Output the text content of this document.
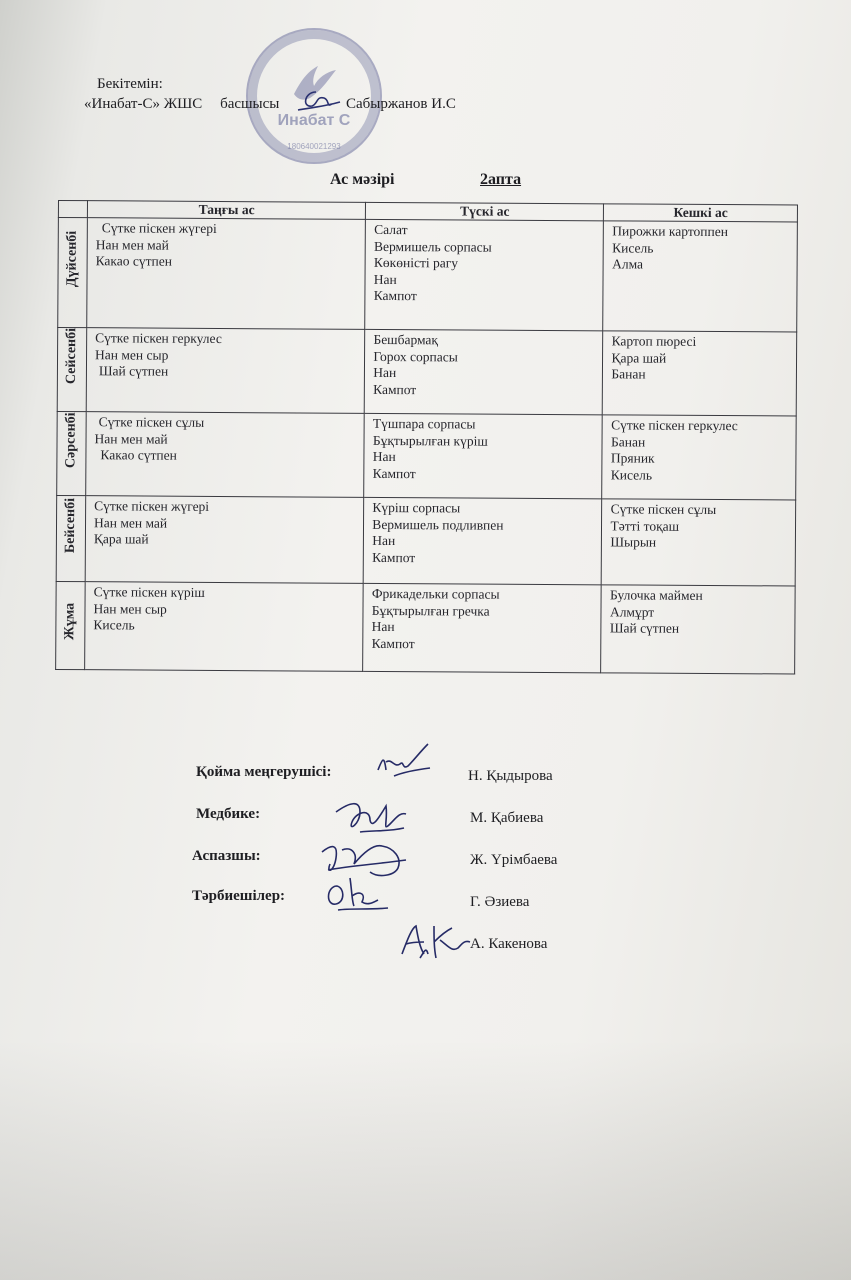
Инабат С
180640021293
Бекітемін:
«Инабат-С» ЖШС басшысы	Сабыржанов И.С
Ас мәзірі	2апта
	Таңғы ас	Түскі ас	Кешкі ас

Дүйсенбі	Сүтке піскен жүгері
Нан мен май
Какао сүтпен	Салат
Вермишель сорпасы
Көкөністі рагу
Нан
Кампот	Пирожки картоппен
Кисель
Алма

Сейсенбі	Сүтке піскен геркулес
Нан мен сыр
Шай сүтпен	Бешбармақ
Горох сорпасы
Нан
Кампот	Картоп пюресі
Қара шай
Банан

Сәрсенбі	Сүтке піскен сұлы
Нан мен май
Какао сүтпен	Түшпара сорпасы
Бұқтырылған күріш
Нан
Кампот	Сүтке піскен геркулес
Банан
Пряник
Кисель

Бейсенбі	Сүтке піскен жүгері
Нан мен май
Қара шай	Күріш сорпасы
Вермишель подливпен
Нан
Кампот	Сүтке піскен сұлы
Тәтті тоқаш
Шырын

Жұма	Сүтке піскен күріш
Нан мен сыр
Кисель	Фрикадельки сорпасы
Бұқтырылған гречка
Нан
Кампот	Булочка маймен
Алмұрт
Шай сүтпен
Қойма меңгерушісі:	Н. Қыдырова
Медбике:	М. Қабиева
Аспазшы:	Ж. Үрімбаева
Тәрбиешілер:	Г. Әзиева
А. Какенова
